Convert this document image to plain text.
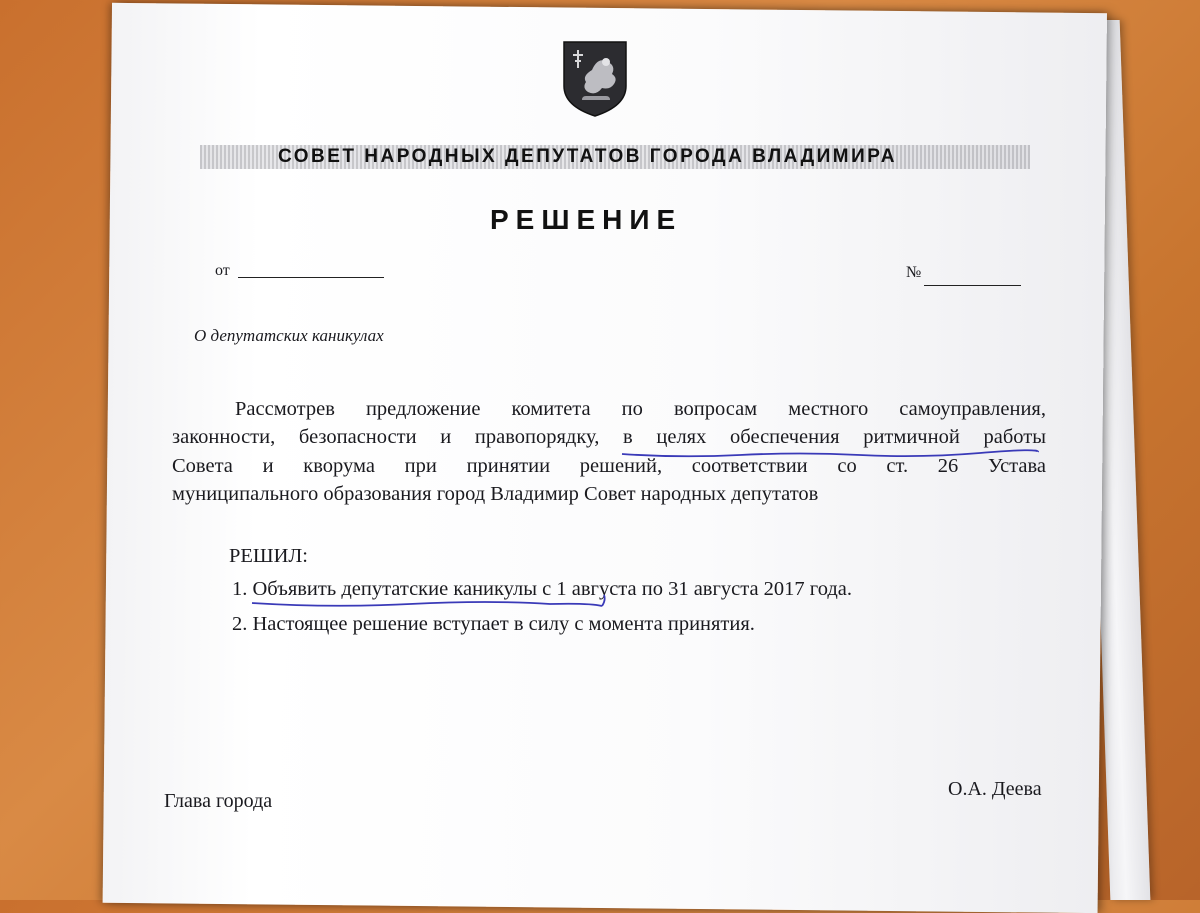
СОВЕТ НАРОДНЫХ ДЕПУТАТОВ ГОРОДА ВЛАДИМИРА
РЕШЕНИЕ
от	№
О депутатских каникулах
Рассмотрев предложение комитета по вопросам местного самоуправления,
законности, безопасности и правопорядку, в целях обеспечения ритмичной работы
Совета и кворума при принятии решений, соответствии со ст. 26 Устава
муниципального образования город Владимир Совет народных депутатов
РЕШИЛ:
1. Объявить депутатские каникулы с 1 августа по 31 августа 2017 года.
2. Настоящее решение вступает в силу с момента принятия.
Глава города
О.А. Деева
